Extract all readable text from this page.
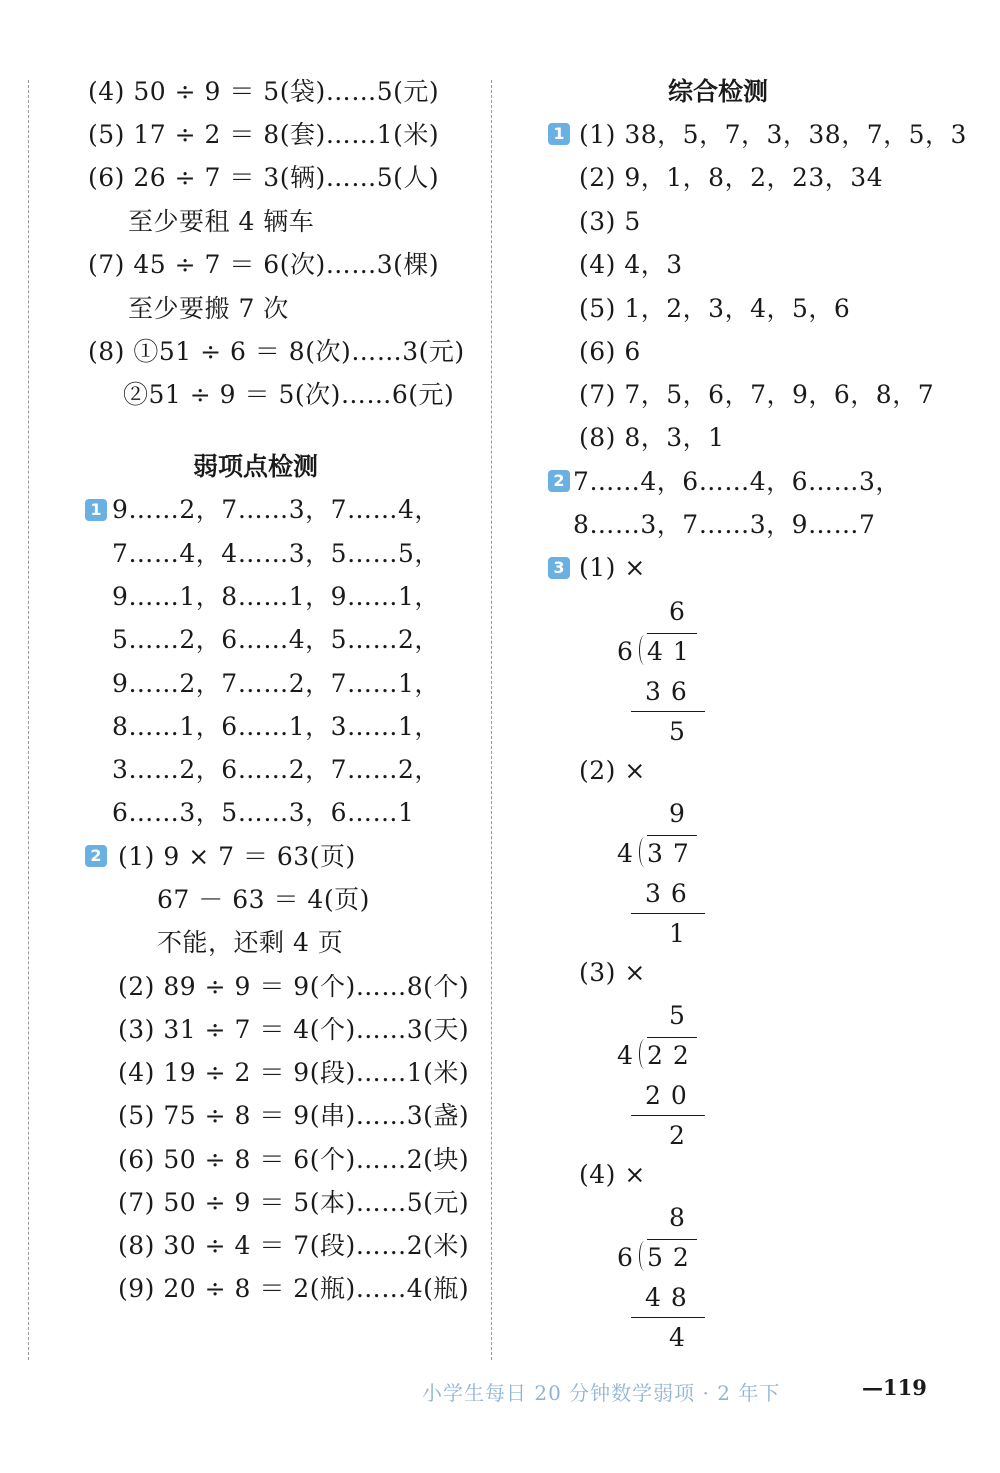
(4) 50 ÷ 9 ＝ 5(袋)……5(元)
(5) 17 ÷ 2 ＝ 8(套)……1(米)
(6) 26 ÷ 7 ＝ 3(辆)……5(人)
至少要租 4 辆车
(7) 45 ÷ 7 ＝ 6(次)……3(棵)
至少要搬 7 次
(8) ①51 ÷ 6 ＝ 8(次)……3(元)
②51 ÷ 9 ＝ 5(次)……6(元)
弱项点检测
1 9……2，7……3，7……4，
7……4，4……3，5……5，
9……1，8……1，9……1，
5……2，6……4，5……2，
9……2，7……2，7……1，
8……1，6……1，3……1，
3……2，6……2，7……2，
6……3，5……3，6……1
2 (1) 9 × 7 ＝ 63(页)
67 － 63 ＝ 4(页)
不能，还剩 4 页
(2) 89 ÷ 9 ＝ 9(个)……8(个)
(3) 31 ÷ 7 ＝ 4(个)……3(天)
(4) 19 ÷ 2 ＝ 9(段)……1(米)
(5) 75 ÷ 8 ＝ 9(串)……3(盏)
(6) 50 ÷ 8 ＝ 6(个)……2(块)
(7) 50 ÷ 9 ＝ 5(本)……5(元)
(8) 30 ÷ 4 ＝ 7(段)……2(米)
(9) 20 ÷ 8 ＝ 2(瓶)……4(瓶)
综合检测
1 (1) 38，5，7，3，38，7，5，3
(2) 9，1，8，2，23，34
(3) 5
(4) 4，3
(5) 1，2，3，4，5，6
(6) 6
(7) 7，5，6，7，9，6，8，7
(8) 8，3，1
2 7……4，6……4，6……3，
8……3，7……3，9……7
3 (1) ×
6
6 41
36
5
(2) ×
9
4 37
36
1
(3) ×
5
4 22
20
2
(4) ×
8
6 52
48
4
小学生每日 20 分钟数学弱项 · 2 年下	—119
